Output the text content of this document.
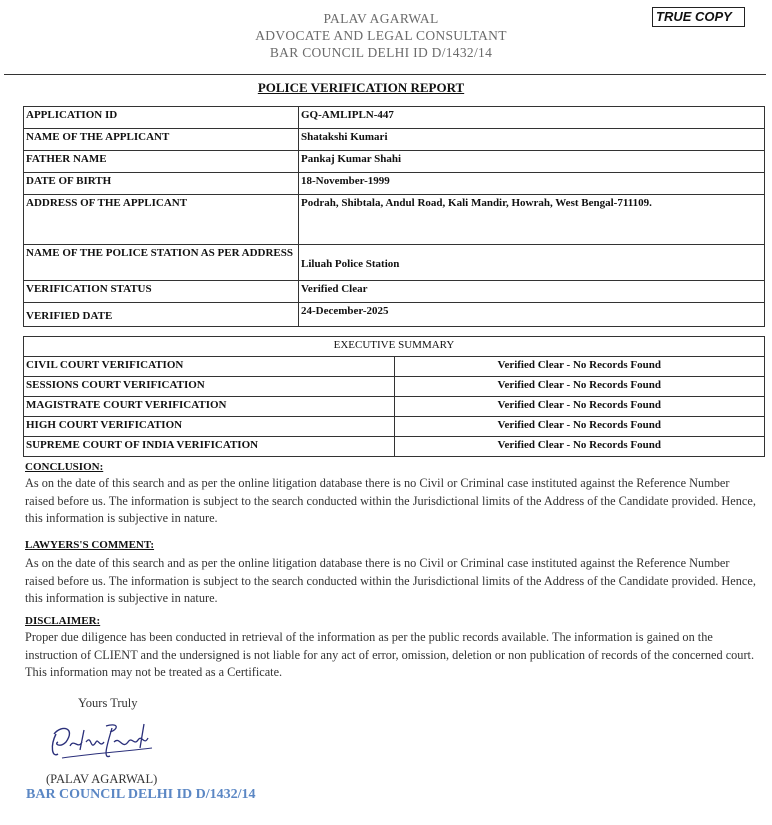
PALAV AGARWAL
ADVOCATE AND LEGAL CONSULTANT
BAR COUNCIL DELHI ID D/1432/14
TRUE COPY
POLICE VERIFICATION REPORT
APPLICATION ID	GQ-AMLIPLN-447
NAME OF THE APPLICANT	Shatakshi Kumari
FATHER NAME	Pankaj Kumar Shahi
DATE OF BIRTH	18-November-1999
ADDRESS OF THE APPLICANT	Podrah, Shibtala, Andul Road, Kali Mandir, Howrah, West Bengal-711109.
NAME OF THE POLICE STATION AS PER ADDRESS	Liluah Police Station
VERIFICATION STATUS	Verified Clear
VERIFIED DATE	24-December-2025
EXECUTIVE SUMMARY	
CIVIL COURT VERIFICATION	Verified Clear - No Records Found
SESSIONS COURT VERIFICATION	Verified Clear - No Records Found
MAGISTRATE COURT VERIFICATION	Verified Clear - No Records Found
HIGH COURT VERIFICATION	Verified Clear - No Records Found
SUPREME COURT OF INDIA VERIFICATION	Verified Clear - No Records Found
CONCLUSION:
As on the date of this search and as per the online litigation database there is no Civil or Criminal case instituted against the Reference Number raised before us. The information is subject to the search conducted within the Jurisdictional limits of the Address of the Candidate provided. Hence, this information is subjective in nature.
LAWYERS'S COMMENT:
As on the date of this search and as per the online litigation database there is no Civil or Criminal case instituted against the Reference Number raised before us. The information is subject to the search conducted within the Jurisdictional limits of the Address of the Candidate provided. Hence, this information is subjective in nature.
DISCLAIMER:
Proper due diligence has been conducted in retrieval of the information as per the public records available. The information is gained on the instruction of CLIENT and the undersigned is not liable for any act of error, omission, deletion or non publication of records of the concerned court. This information may not be treated as a Certificate.
Yours Truly
(PALAV AGARWAL)
BAR COUNCIL DELHI ID D/1432/14
